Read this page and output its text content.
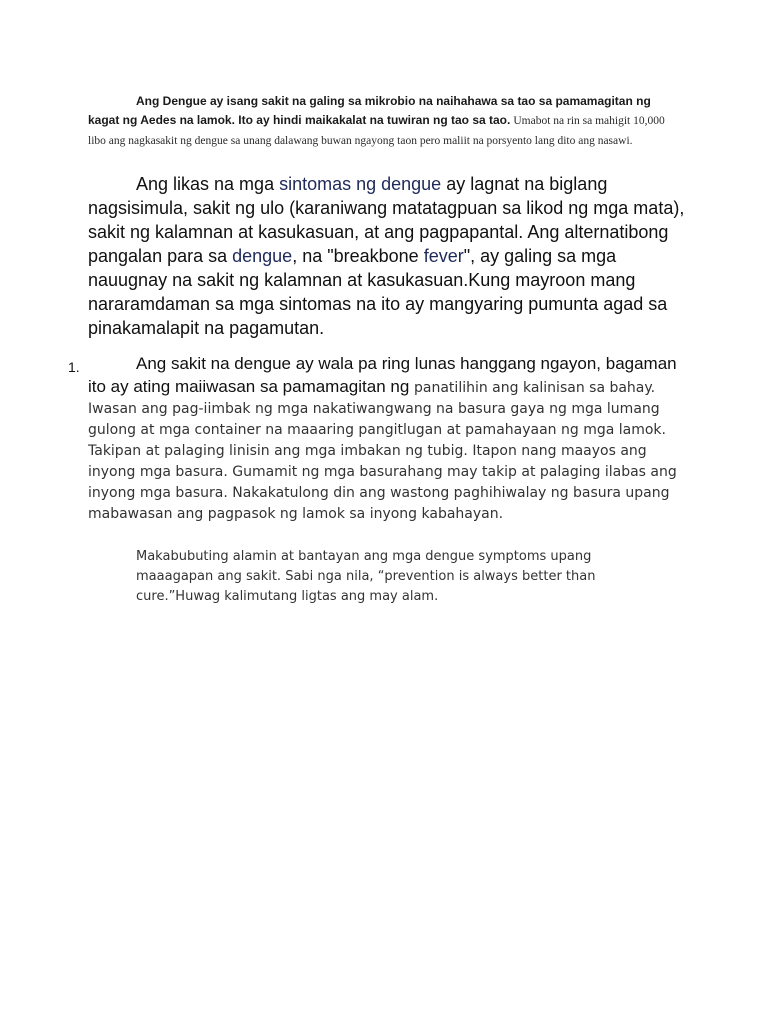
Ang Dengue ay isang sakit na galing sa mikrobio na naihahawa sa tao sa pamamagitan ng kagat ng Aedes na lamok. Ito ay hindi maikakalat na tuwiran ng tao sa tao. Umabot na rin sa mahigit 10,000 libo ang nagkasakit ng dengue sa unang dalawang buwan ngayong taon pero maliit na porsyento lang dito ang nasawi.

Ang likas na mga sintomas ng dengue ay lagnat na biglang nagsisimula, sakit ng ulo (karaniwang matatagpuan sa likod ng mga mata), sakit ng kalamnan at kasukasuan, at ang pagpapantal. Ang alternatibong pangalan para sa dengue, na "breakbone fever", ay galing sa mga nauugnay na sakit ng kalamnan at kasukasuan.Kung mayroon mang nararamdaman sa mga sintomas na ito ay mangyaring pumunta agad sa pinakamalapit na pagamutan.

1.	Ang sakit na dengue ay wala pa ring lunas hanggang ngayon, bagaman ito ay ating maiiwasan sa pamamagitan ng panatilihin ang kalinisan sa bahay. Iwasan ang pag-iimbak ng mga nakatiwangwang na basura gaya ng mga lumang gulong at mga container na maaaring pangitlugan at pamahayaan ng mga lamok. Takipan at palaging linisin ang mga imbakan ng tubig. Itapon nang maayos ang inyong mga basura. Gumamit ng mga basurahang may takip at palaging ilabas ang inyong mga basura. Nakakatulong din ang wastong paghihiwalay ng basura upang mabawasan ang pagpasok ng lamok sa inyong kabahayan.

Makabubuting alamin at bantayan ang mga dengue symptoms upang maaagapan ang sakit. Sabi nga nila, “prevention is always better than cure.”Huwag kalimutang ligtas ang may alam.
